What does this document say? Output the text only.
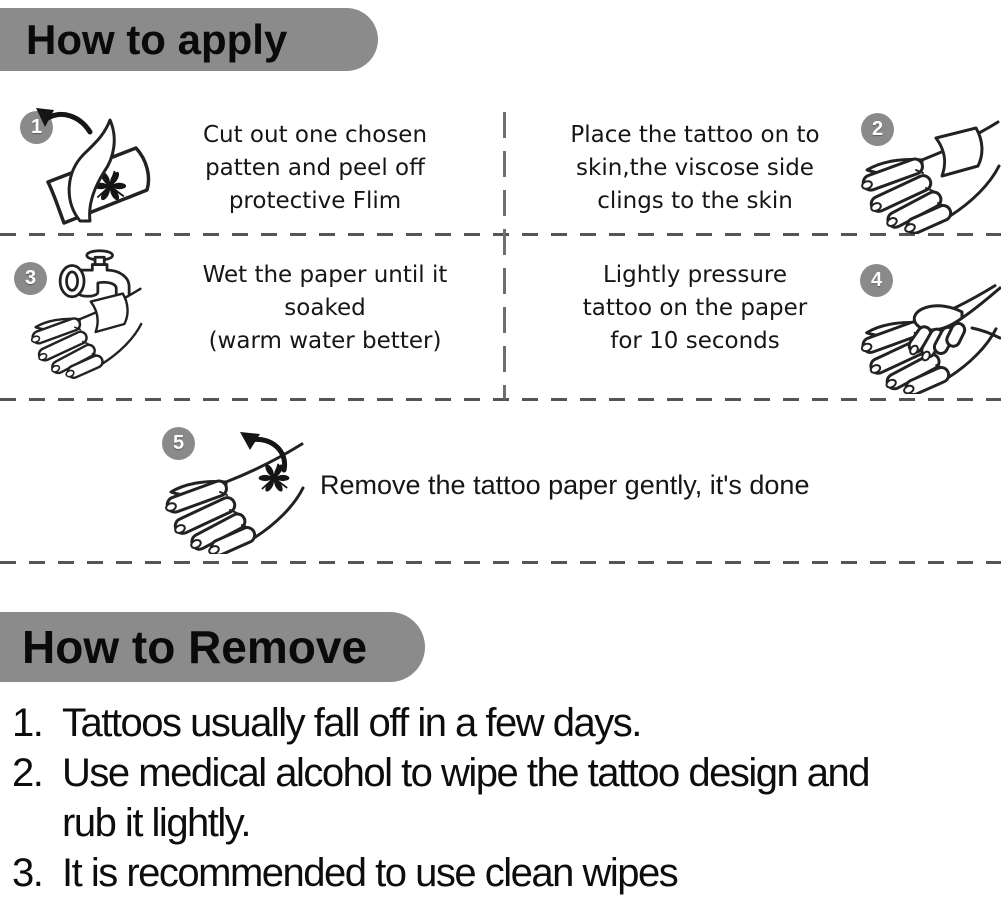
How to apply
1	Cut out one chosen
patten and peel off
protective Flim
Place the tattoo on to
skin,the viscose side
clings to the skin
2
3	Wet the paper until it
soaked
(warm water better)
Lightly pressure
tattoo on the paper
for 10 seconds
4
5
Remove the tattoo paper gently, it's done
How to Remove
1. Tattoos usually fall off in a few days.
2. Use medical alcohol to wipe the tattoo design and rub it lightly.
3. It is recommended to use clean wipes
